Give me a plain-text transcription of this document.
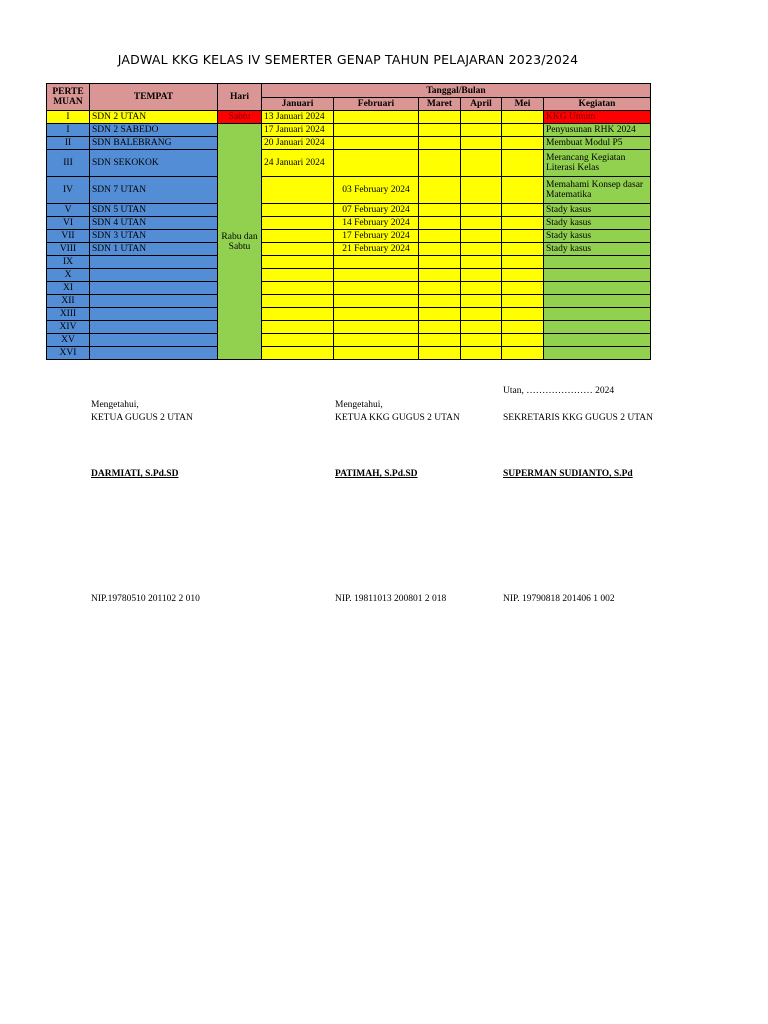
JADWAL KKG KELAS IV SEMERTER GENAP TAHUN PELAJARAN 2023/2024
PERTE MUAN	TEMPAT	Hari	Tanggal/Bulan					
			Januari	Februari	Maret	April	Mei	Kegiatan
I	SDN 2 UTAN	Sabtu	13 Januari 2024					KKG Umum
I	SDN 2 SABEDO	Rabu dan Sabtu	17 Januari 2024					Penyusunan RHK 2024
II	SDN BALEBRANG		20 Januari 2024					Membuat Modul P5
III	SDN SEKOKOK		24 Januari 2024					Merancang Kegiatan Literasi Kelas
IV	SDN 7 UTAN			03 February 2024				Memahami Konsep dasar Matematika
V	SDN 5 UTAN			07 February 2024				Stady kasus
VI	SDN 4 UTAN			14 February 2024				Stady kasus
VII	SDN 3 UTAN			17 February 2024				Stady kasus
VIII	SDN 1 UTAN			21 February 2024				Stady kasus
IX								
X								
XI								
XII								
XIII								
XIV								
XV								
XVI								
Utan, ………………… 2024
Mengetahui,
KETUA GUGUS 2 UTAN
DARMIATI, S.Pd.SD
NIP.19780510 201102 2 010
Mengetahui,
KETUA KKG GUGUS 2 UTAN
PATIMAH, S.Pd.SD
NIP. 19811013 200801 2 018
SEKRETARIS KKG GUGUS 2 UTAN
SUPERMAN SUDIANTO, S.Pd
NIP. 19790818 201406 1 002
